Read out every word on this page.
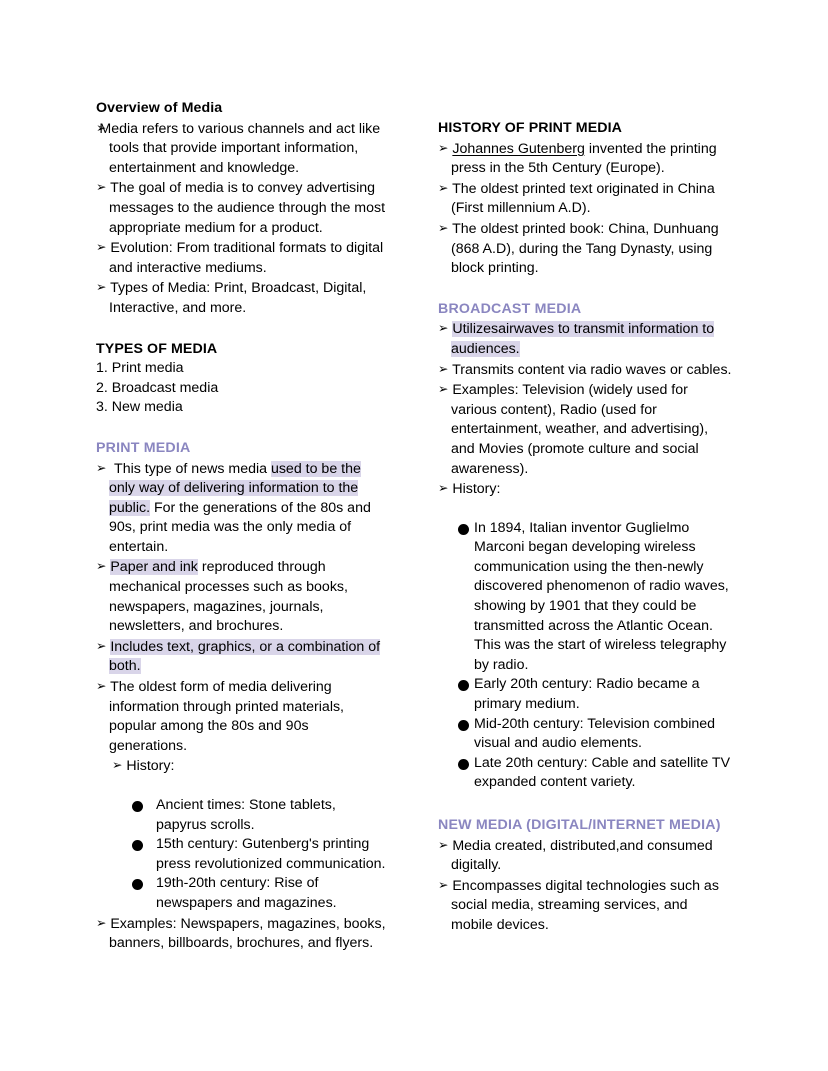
Overview of Media

➢Media refers to various channels and act like tools that provide important information, entertainment and knowledge.

➢ The goal of media is to convey advertising messages to the audience through the most appropriate medium for a product.

➢ Evolution: From traditional formats to digital and interactive mediums.

➢ Types of Media: Print, Broadcast, Digital, Interactive, and more.

TYPES OF MEDIA

1. Print media

2. Broadcast media

3. New media

PRINT MEDIA

➢ This type of news media used to be the only way of delivering information to the public. For the generations of the 80s and 90s, print media was the only media of entertain.

➢ Paper and ink reproduced through mechanical processes such as books, newspapers, magazines, journals, newsletters, and brochures.

➢ Includes text, graphics, or a combination of both.

➢ The oldest form of media delivering information through printed materials, popular among the 80s and 90s generations.

➢ History:

Ancient times: Stone tablets, papyrus scrolls.
15th century: Gutenberg's printing press revolutionized communication.
19th-20th century: Rise of newspapers and magazines.

➢ Examples: Newspapers, magazines, books, banners, billboards, brochures, and flyers.

HISTORY OF PRINT MEDIA

➢ Johannes Gutenberg invented the printing press in the 5th Century (Europe).

➢ The oldest printed text originated in China (First millennium A.D).

➢ The oldest printed book: China, Dunhuang (868 A.D), during the Tang Dynasty, using block printing.

BROADCAST MEDIA

➢ Utilizesairwaves to transmit information to audiences.

➢ Transmits content via radio waves or cables.

➢ Examples: Television (widely used for various content), Radio (used for entertainment, weather, and advertising), and Movies (promote culture and social awareness).

➢ History:

In 1894, Italian inventor Guglielmo Marconi began developing wireless communication using the then-newly discovered phenomenon of radio waves, showing by 1901 that they could be transmitted across the Atlantic Ocean. This was the start of wireless telegraphy by radio.
Early 20th century: Radio became a primary medium.
Mid-20th century: Television combined visual and audio elements.
Late 20th century: Cable and satellite TV expanded content variety.
NEW MEDIA (DIGITAL/INTERNET MEDIA)

➢ Media created, distributed,and consumed digitally.

➢ Encompasses digital technologies such as social media, streaming services, and mobile devices.
